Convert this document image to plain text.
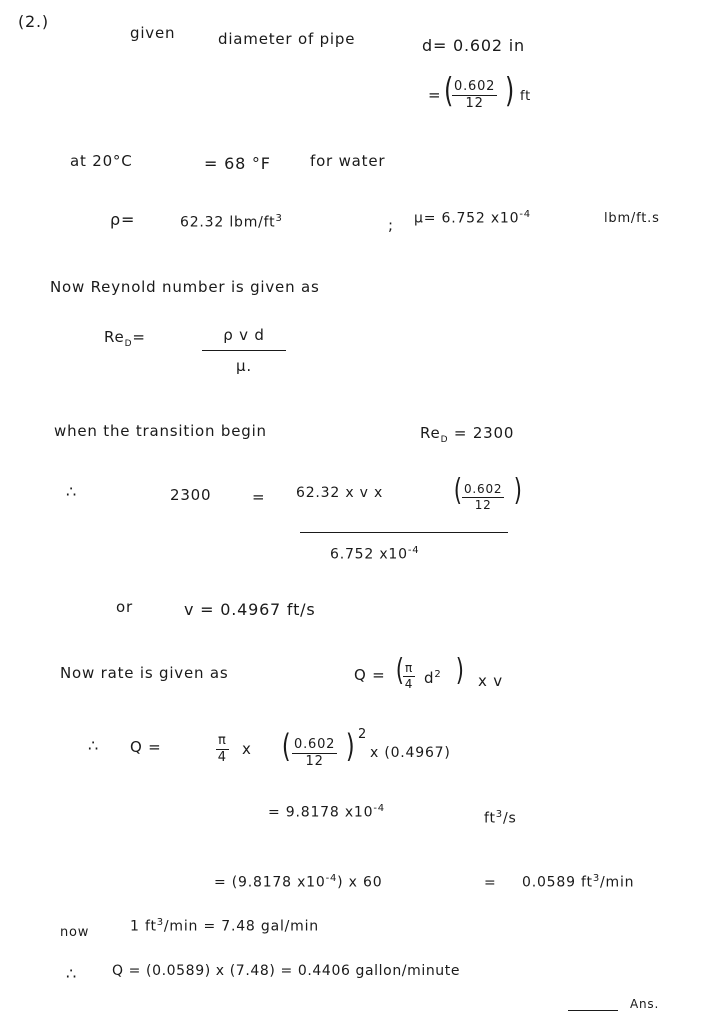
(2.)
given	diameter of pipe	d= 0.602 in
= (
$\frac{0.602}{12}$ ) ft
at 20°C	= 68 °F	for water
ρ=	62.32 lbm/$ft^3$	; μ= 6.752 $x10^{-4}$	lbm/ft.s
Now Reynold number is given as
$Re_D=$	$\frac{\text{ρ v d}}{\mu.}$
when the transition begin	$Re_D = 2300$
∴	2300	= 62.32 x v x ( $\frac{0.602}{12}$ )
6.752 $x10^{-4}$
or	v = 0.4967 ft/s
Now rate is given as	Q = ( $\frac{\pi}{4} d^2$ ) x v
∴ Q =	$\frac{\pi}{4}$ x ( $\frac{0.602}{12}$ ) 2
x (0.4967)
= 9.8178 $x10^{-4}$
$ft^3/s$
= (9.8178 $x10^{-4}$) x 60	= 0.0589 $ft^3/\min$
now	1 $ft^3/\min = 7.48$ gal/min
∴	Q = (0.0589) x (7.48) = 0.4406 gallon/minute
Ans.
